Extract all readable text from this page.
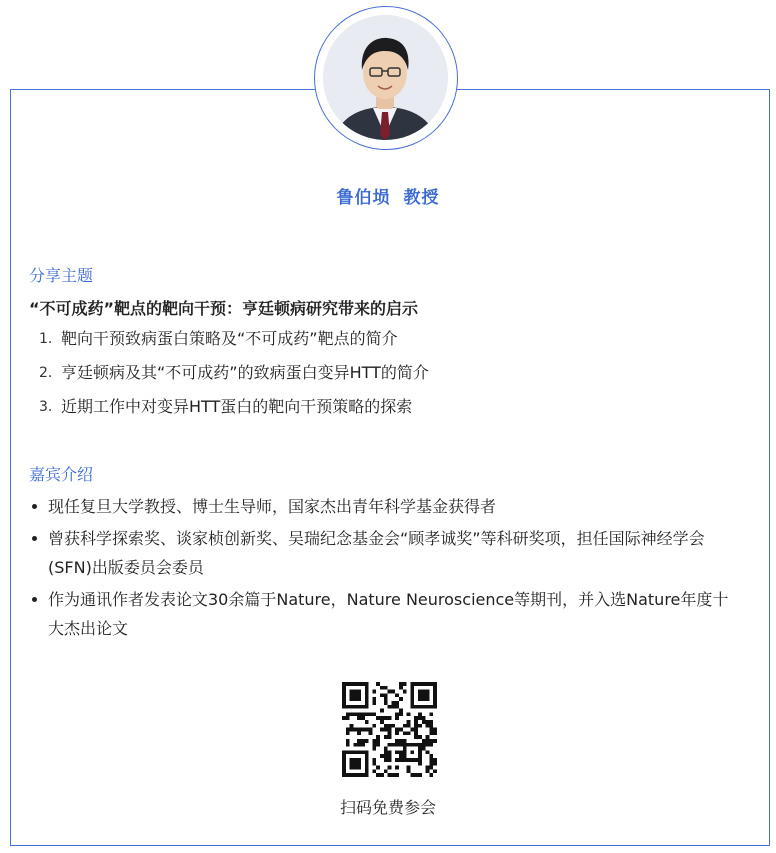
鲁伯埙 教授
分享主题
“不可成药”靶点的靶向干预：亨廷顿病研究带来的启示
1. 靶向干预致病蛋白策略及“不可成药”靶点的简介
2. 亨廷顿病及其“不可成药”的致病蛋白变异HTT的简介
3. 近期工作中对变异HTT蛋白的靶向干预策略的探索
嘉宾介绍
现任复旦大学教授、博士生导师，国家杰出青年科学基金获得者
曾获科学探索奖、谈家桢创新奖、吴瑞纪念基金会“顾孝诚奖”等科研奖项，担任国际神经学会(SFN)出版委员会委员
作为通讯作者发表论文30余篇于Nature，Nature Neuroscience等期刊，并入选Nature年度十大杰出论文
扫码免费参会
